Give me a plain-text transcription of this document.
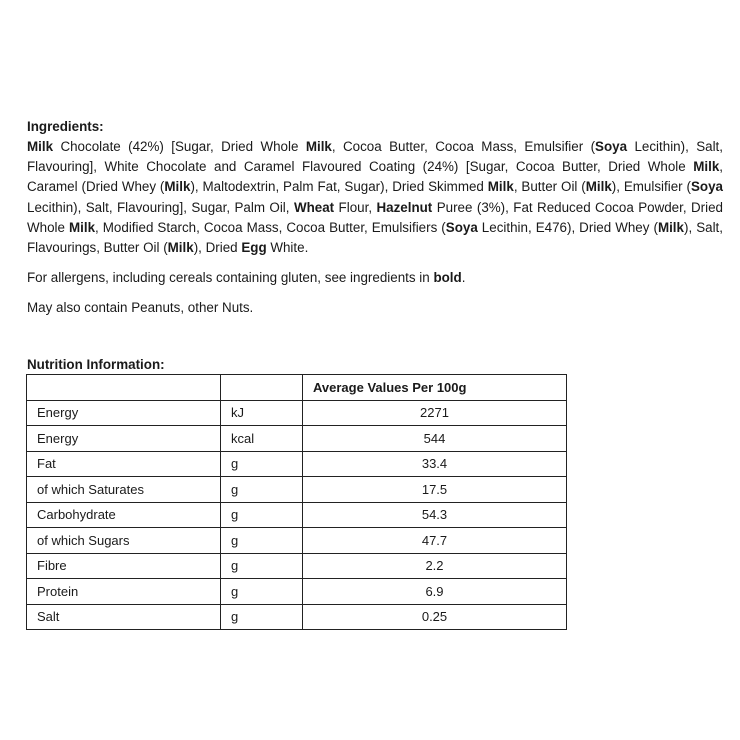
Ingredients:

Milk Chocolate (42%) [Sugar, Dried Whole Milk, Cocoa Butter, Cocoa Mass, Emulsifier (Soya Lecithin), Salt, Flavouring], White Chocolate and Caramel Flavoured Coating (24%) [Sugar, Cocoa Butter, Dried Whole Milk, Caramel (Dried Whey (Milk), Maltodextrin, Palm Fat, Sugar), Dried Skimmed Milk, Butter Oil (Milk), Emulsifier (Soya Lecithin), Salt, Flavouring], Sugar, Palm Oil, Wheat Flour, Hazelnut Puree (3%), Fat Reduced Cocoa Powder, Dried Whole Milk, Modified Starch, Cocoa Mass, Cocoa Butter, Emulsifiers (Soya Lecithin, E476), Dried Whey (Milk), Salt, Flavourings, Butter Oil (Milk), Dried Egg White.

For allergens, including cereals containing gluten, see ingredients in bold.

May also contain Peanuts, other Nuts.

Nutrition Information:

		Average Values Per 100g
Energy	kJ	2271
Energy	kcal	544
Fat	g	33.4
of which Saturates	g	17.5
Carbohydrate	g	54.3
of which Sugars	g	47.7
Fibre	g	2.2
Protein	g	6.9
Salt	g	0.25
